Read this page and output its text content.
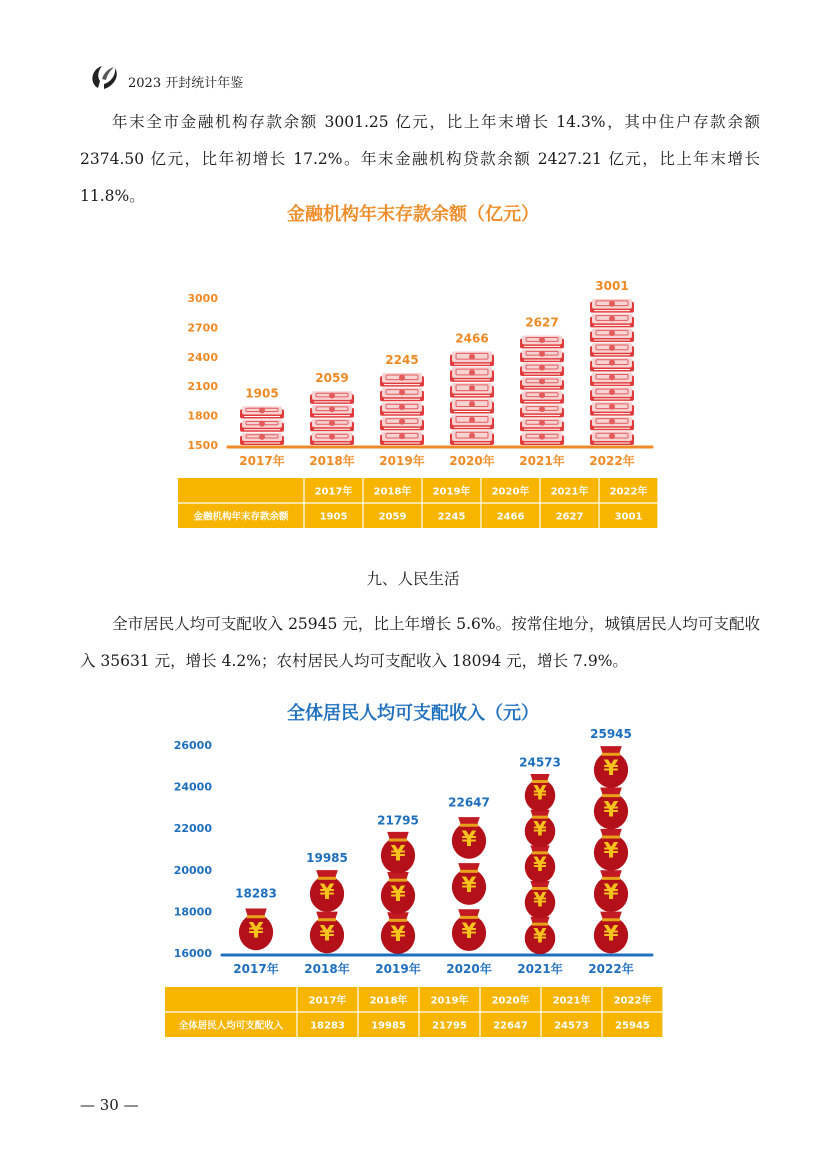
2023 开封统计年鉴

年末全市金融机构存款余额 3001.25 亿元，比上年末增长 14.3%，其中住户存款余额 2374.50 亿元，比年初增长 17.2%。年末金融机构贷款余额 2427.21 亿元，比上年末增长 11.8%。

金融机构年末存款余额（亿元）
1500
1800
2100
2400
2700
3000
1905
2017年
2059
2018年
2245
2019年
2466
2020年
2627
2021年
3001
2022年
金融机构年末存款余额
2017年
1905
2018年
2059
2019年
2245
2020年
2466
2021年
2627
2022年
3001
16000
18000
20000
22000
24000
26000
¥
18283
2017年
¥
¥
19985
2018年
¥
¥
¥
21795
2019年
¥
¥
¥
22647
2020年
¥
¥
¥
¥
¥
24573
2021年
¥
¥
¥
¥
¥
25945
2022年
全体居民人均可支配收入
2017年
18283
2018年
19985
2019年
21795
2020年
22647
2021年
24573
2022年
25945
九、人民生活

全市居民人均可支配收入 25945 元，比上年增长 5.6%。按常住地分，城镇居民人均可支配收入 35631 元，增长 4.2%；农村居民人均可支配收入 18094 元，增长 7.9%。

全体居民人均可支配收入（元）
— 30 —
